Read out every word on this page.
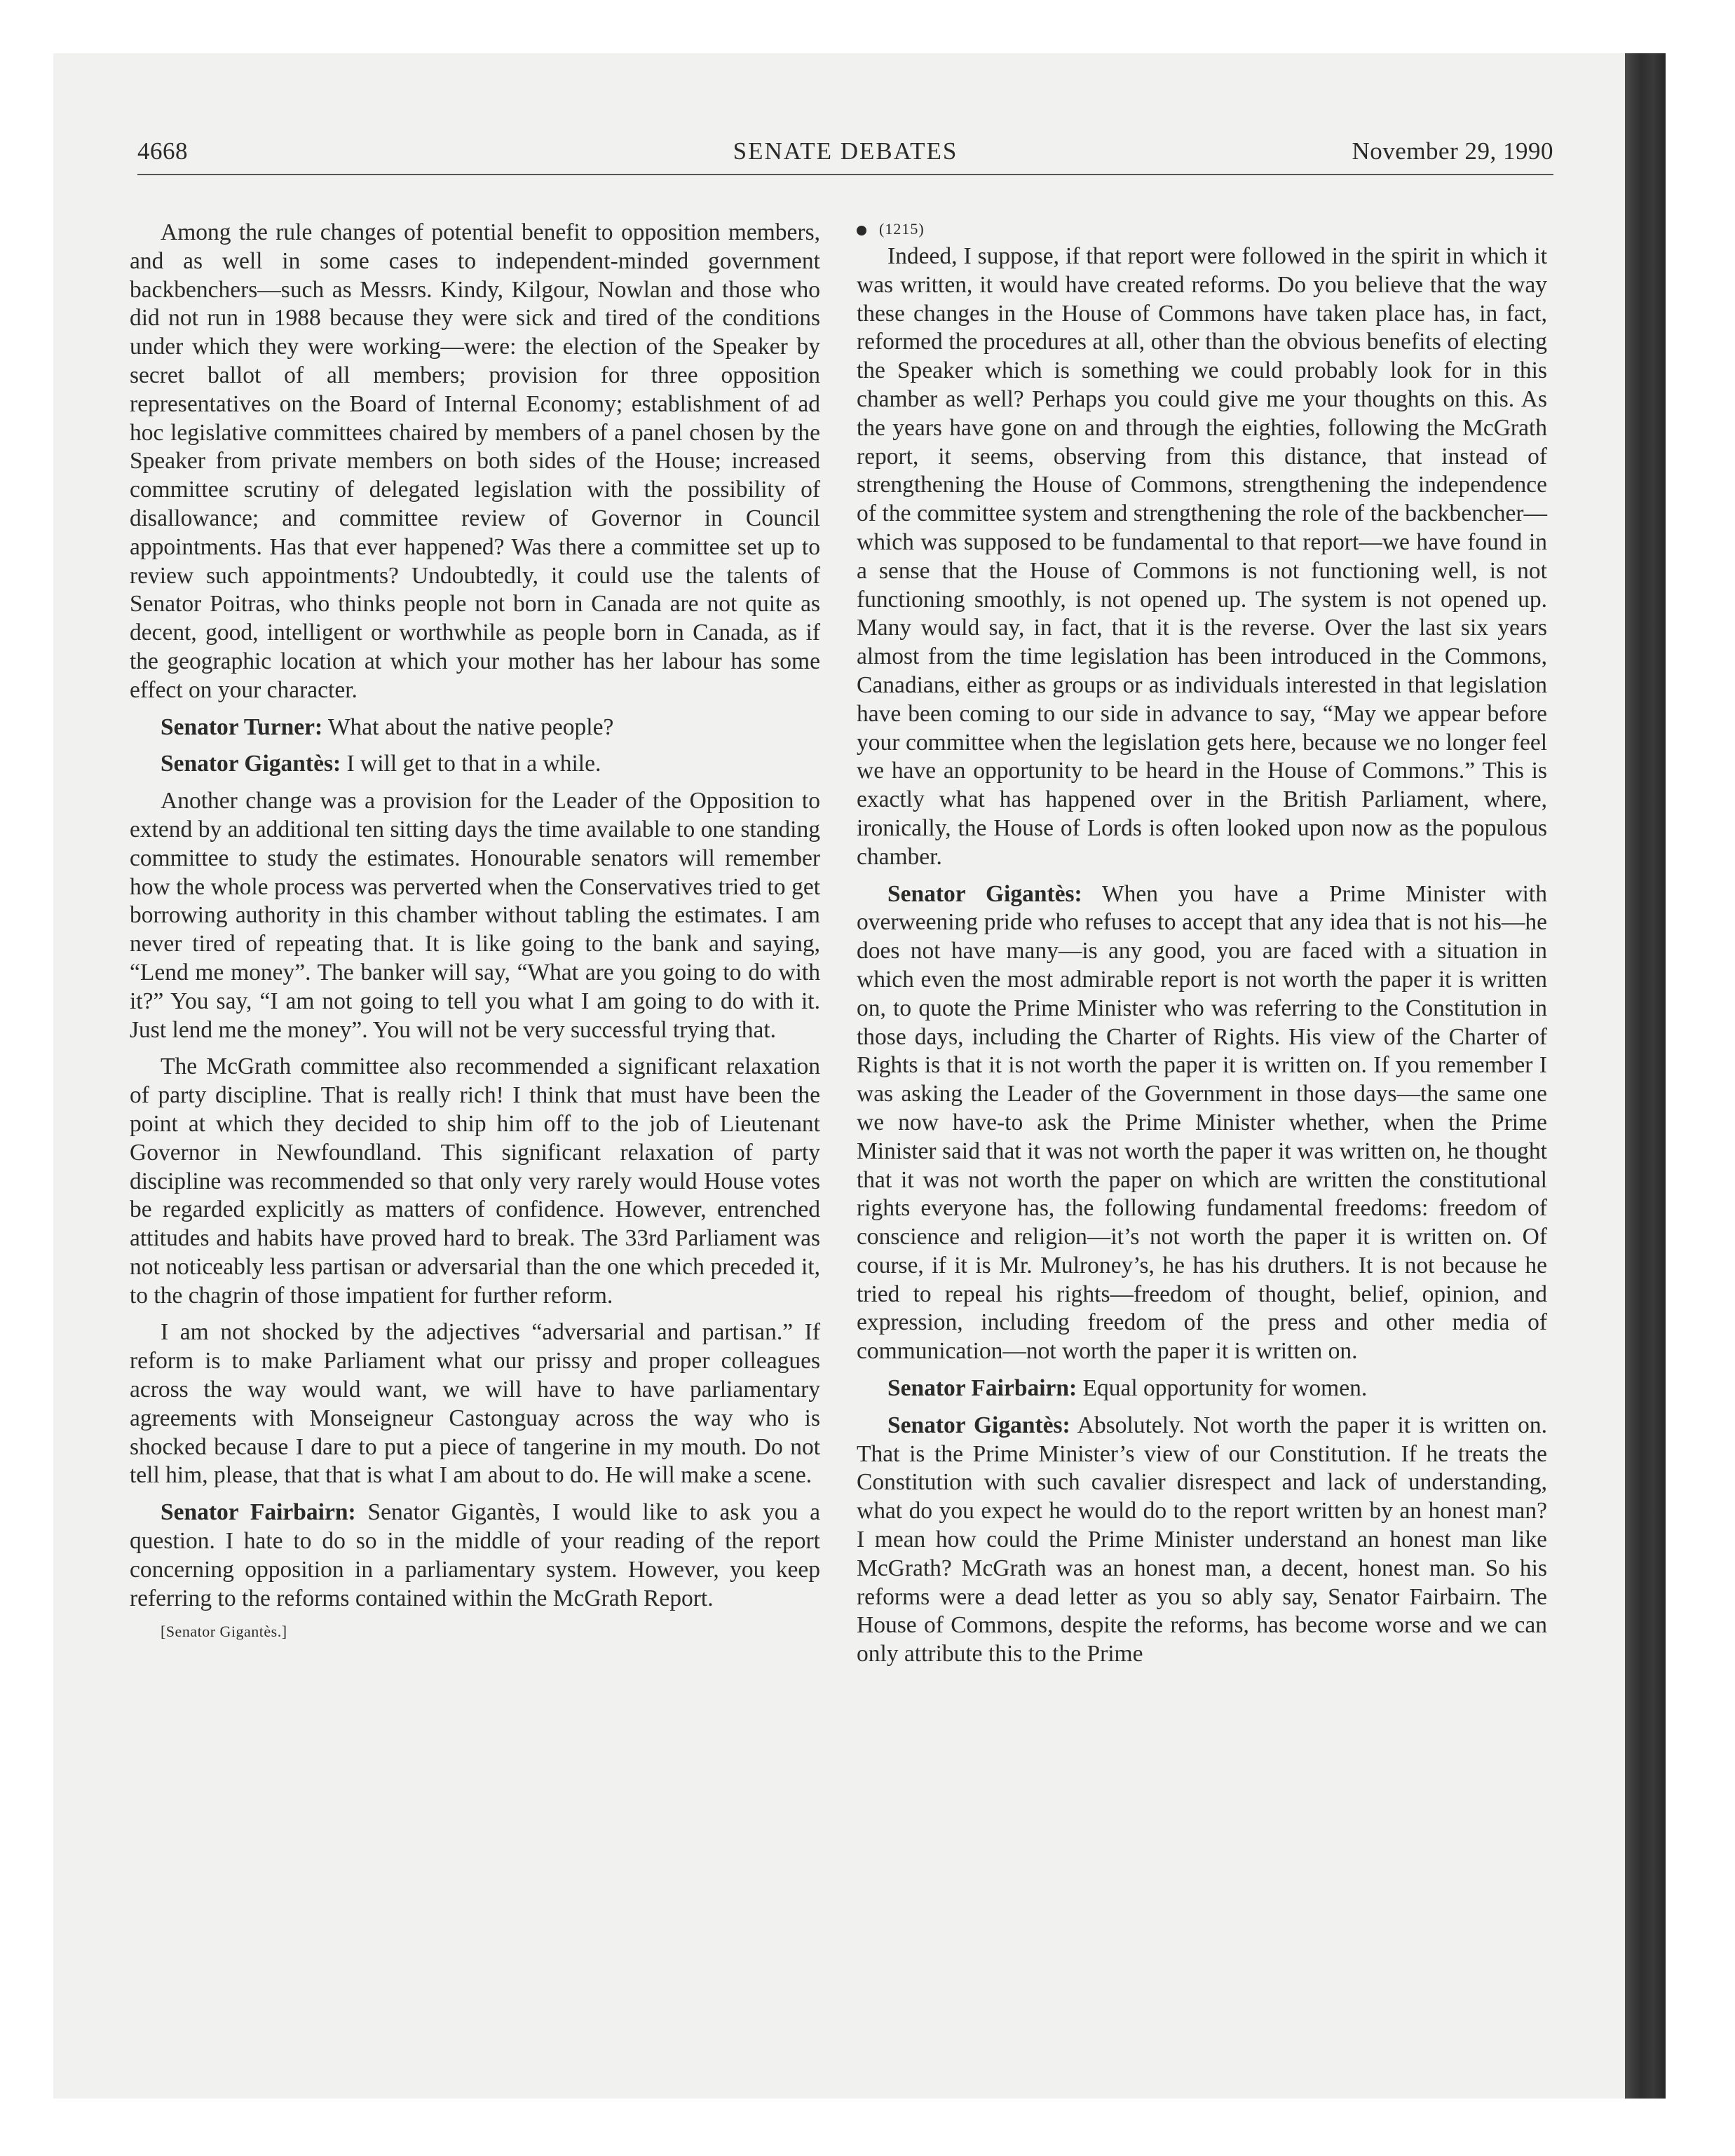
4668	SENATE DEBATES	November 29, 1990

Among the rule changes of potential benefit to opposition members, and as well in some cases to independent-minded government backbenchers—such as Messrs. Kindy, Kilgour, Nowlan and those who did not run in 1988 because they were sick and tired of the conditions under which they were working—were: the election of the Speaker by secret ballot of all members; provision for three opposition representatives on the Board of Internal Economy; establishment of ad hoc legislative committees chaired by members of a panel chosen by the Speaker from private members on both sides of the House; increased committee scrutiny of delegated legislation with the possibility of disallowance; and committee review of Governor in Council appointments. Has that ever happened? Was there a committee set up to review such appointments? Undoubtedly, it could use the talents of Senator Poitras, who thinks people not born in Canada are not quite as decent, good, intelligent or worthwhile as people born in Canada, as if the geographic location at which your mother has her labour has some effect on your character.

Senator Turner: What about the native people?

Senator Gigantès: I will get to that in a while.

Another change was a provision for the Leader of the Opposition to extend by an additional ten sitting days the time available to one standing committee to study the estimates. Honourable senators will remember how the whole process was perverted when the Conservatives tried to get borrowing authority in this chamber without tabling the estimates. I am never tired of repeating that. It is like going to the bank and saying, “Lend me money”. The banker will say, “What are you going to do with it?” You say, “I am not going to tell you what I am going to do with it. Just lend me the money”. You will not be very successful trying that.

The McGrath committee also recommended a significant relaxation of party discipline. That is really rich! I think that must have been the point at which they decided to ship him off to the job of Lieutenant Governor in Newfoundland. This significant relaxation of party discipline was recommended so that only very rarely would House votes be regarded explicitly as matters of confidence. However, entrenched attitudes and habits have proved hard to break. The 33rd Parliament was not noticeably less partisan or adversarial than the one which preceded it, to the chagrin of those impatient for further reform.

I am not shocked by the adjectives “adversarial and partisan.” If reform is to make Parliament what our prissy and proper colleagues across the way would want, we will have to have parliamentary agreements with Monseigneur Castonguay across the way who is shocked because I dare to put a piece of tangerine in my mouth. Do not tell him, please, that that is what I am about to do. He will make a scene.

Senator Fairbairn: Senator Gigantès, I would like to ask you a question. I hate to do so in the middle of your reading of the report concerning opposition in a parliamentary system. However, you keep referring to the reforms contained within the McGrath Report.

[Senator Gigantès.]
(1215)

Indeed, I suppose, if that report were followed in the spirit in which it was written, it would have created reforms. Do you believe that the way these changes in the House of Commons have taken place has, in fact, reformed the procedures at all, other than the obvious benefits of electing the Speaker which is something we could probably look for in this chamber as well? Perhaps you could give me your thoughts on this. As the years have gone on and through the eighties, following the McGrath report, it seems, observing from this distance, that instead of strengthening the House of Commons, strengthening the independence of the committee system and strengthening the role of the backbencher—which was supposed to be fundamental to that report—we have found in a sense that the House of Commons is not functioning well, is not functioning smoothly, is not opened up. The system is not opened up. Many would say, in fact, that it is the reverse. Over the last six years almost from the time legislation has been introduced in the Commons, Canadians, either as groups or as individuals interested in that legislation have been coming to our side in advance to say, “May we appear before your committee when the legislation gets here, because we no longer feel we have an opportunity to be heard in the House of Commons.” This is exactly what has happened over in the British Parliament, where, ironically, the House of Lords is often looked upon now as the populous chamber.

Senator Gigantès: When you have a Prime Minister with overweening pride who refuses to accept that any idea that is not his—he does not have many—is any good, you are faced with a situation in which even the most admirable report is not worth the paper it is written on, to quote the Prime Minister who was referring to the Constitution in those days, including the Charter of Rights. His view of the Charter of Rights is that it is not worth the paper it is written on. If you remember I was asking the Leader of the Government in those days—the same one we now have-to ask the Prime Minister whether, when the Prime Minister said that it was not worth the paper it was written on, he thought that it was not worth the paper on which are written the constitutional rights everyone has, the following fundamental freedoms: freedom of conscience and religion—it’s not worth the paper it is written on. Of course, if it is Mr. Mulroney’s, he has his druthers. It is not because he tried to repeal his rights—freedom of thought, belief, opinion, and expression, including freedom of the press and other media of communication—not worth the paper it is written on.

Senator Fairbairn: Equal opportunity for women.

Senator Gigantès: Absolutely. Not worth the paper it is written on. That is the Prime Minister’s view of our Constitution. If he treats the Constitution with such cavalier disrespect and lack of understanding, what do you expect he would do to the report written by an honest man? I mean how could the Prime Minister understand an honest man like McGrath? McGrath was an honest man, a decent, honest man. So his reforms were a dead letter as you so ably say, Senator Fairbairn. The House of Commons, despite the reforms, has become worse and we can only attribute this to the Prime
